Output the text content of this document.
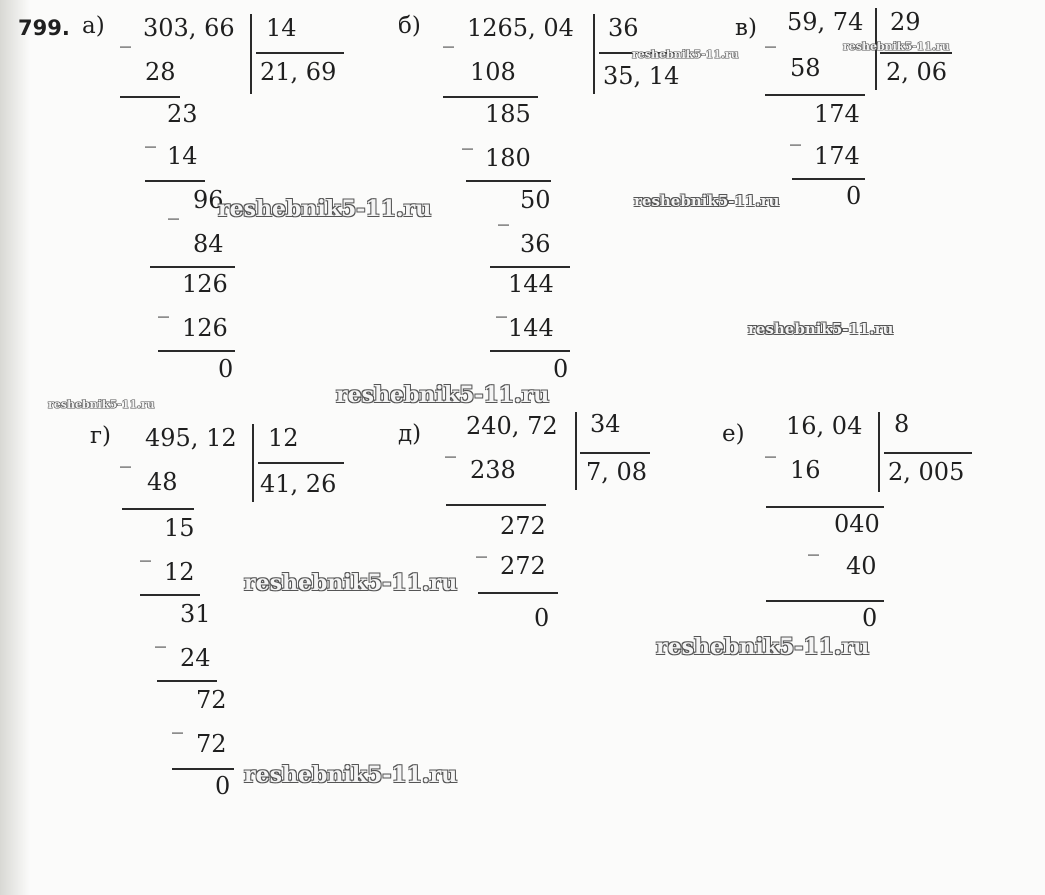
799. а) _ 303, 66 14
21, 69
28
23
_
14
_ 96
84
126
_
126
0
б) _ 1265, 04 36
35, 14
108
185
_
180
_ 50
36
144
_
144
0
в) _ 59, 74 29
2, 06
58
174
_
174
0
г)
_
495, 12 12
41, 26
48
15
_
12
31
_
24
72
_
72
0
д) _
240, 72 34
7, 08
238
272
_
272
0
е) _
16, 04 8
2, 005
16
040
_
40
0
reshebnik5-11.ru	reshebnik5-11.ru
reshebnik5-11.ru
reshebnik5-11.ru
reshebnik5-11.ru
reshebnik5-11.ru
reshebnik5-11.ru
reshebnik5-11.ru
reshebnik5-11.ru
reshebnik5-11.ru
